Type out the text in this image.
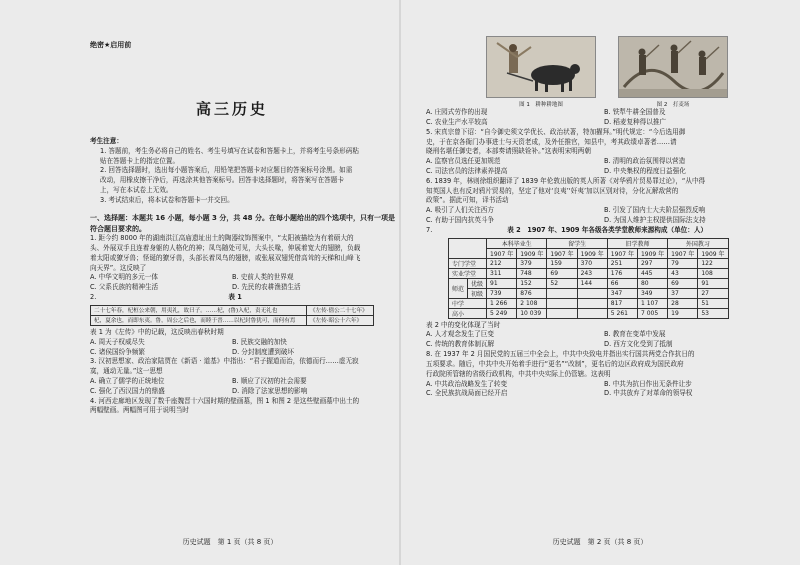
绝密★启用前
高三历史

考生注意：

1. 答题前，考生务必将自己的姓名、考生号填写在试卷和答题卡上，并将考生号条形码粘

贴在答题卡上的指定位置。

2. 回答选择题时，选出每小题答案后，用铅笔把答题卡对应题目的答案标号涂黑。如需

改动，用橡皮擦干净后，再选涂其他答案标号。回答非选择题时，将答案写在答题卡

上，写在本试卷上无效。

3. 考试结束后，将本试卷和答题卡一并交回。

一、选择题：本题共 16 小题，每小题 3 分，共 48 分。在每小题给出的四个选项中，只有一项是

符合题目要求的。

1. 距今约 8000 年的湖南洪江高庙遗址出土的陶器纹饰图案中，“太阳被描绘为有着硕大的

头、外展双手且连着身躯的人格化的神；凤鸟随处可见，大头长喙，伸展着宽大的翅膀，负载

着太阳或獠牙兽；怪诞的獠牙兽，头部长着凤鸟的翅膀，或张展双翅凭借高耸的天梯和山峰飞

向天界”。这反映了

A. 中华文明的多元一体	B. 史前人类的世界观
C. 父系氏族的精神生活	D. 先民的农耕渔猎生活
2.	表 1
二十七年春，杞桓公来朝，用夷礼，故曰子。……杞，(鲁)入杞，责无礼也	《左传·僖公二十七年》
杞，夏余也，而即东夷。鲁，周公之后也，而睦于晋……以杞封鲁犹可，而何有焉	《左传·昭公十六年》

表 1 为《左传》中的记载，这反映出春秋时期

A. 周天子权威尽失	B. 民族交融的加快
C. 诸侯国纷争频繁	D. 分封制度遭到破坏

3. 汉初思想家、政治家陆贾在《新语 · 道基》中指出：“君子握道而治，依德而行……虚无寂

寞，通动无量。”这一思想

A. 确立了儒学的正统地位	B. 顺应了汉初的社会需要
C. 强化了西汉国力的鼎盛	D. 消除了法家思想的影响

4. 河西走廊地区发现了数千座魏晋十六国时期的壁画墓，图 1 和图 2 是这些壁画墓中出土的

两幅壁画。两幅图可用于说明当时

历史试题　第 1 页（共 8 页）
图 1　耕种耕地图	图 2　打麦场
A. 庄园式劳作的出现	B. 铁犁牛耕全国普及
C. 农业生产水平较高	D. 稻麦复种得以推广

5. 宋真宗曾下诏：“自今御史须文学优长、政治状著，特加擢拜。”明代规定：“今后选用御

史，于在京各衙门办事进士与天资老成，及外任推官，知县中，考其政绩卓著者……请

晓刑名堪任御史者，本部奏请照缺铨补。”这表明宋明两朝

A. 监察官员选任更加规范	B. 清明的政治氛围得以营造
C. 司法官员的法律素养提高	D. 中央集权的程度日益强化

6. 1839 年，林则徐组织翻译了 1839 年伦敦出版的英人所著《对华鸦片贸易罪过论》，“从中得

知英国人也有反对鸦片贸易的，坚定了他对‘良夷’‘奸夷’加以区别对待，分化瓦解敌营的

政策”。据此可知，译书活动

A. 吸引了人们关注西方	B. 引发了国内士大夫阶层强烈反响
C. 有助于国内抗英斗争	D. 为国人维护主权提供国际法支持
7.	表 2　1907 年、1909 年各级各类学堂教师来源构成（单位：人）
		本科毕业生		留学生		旧学教师		外国教习	
		1907 年	1909 年	1907 年	1909 年	1907 年	1909 年	1907 年	1909 年
专门学堂		212	379	159	370	251	297	79	122
实业学堂		311	748	69	243	176	445	43	108
师范	优级	91	152	52	144	66	80	69	91
	初级	739	876			347	349	37	27
中学		1 266	2 108			817	1 107	28	51
高小		5 249	10 039			5 261	7 005	19	53

表 2 中的变化体现了当时

A. 人才观念发生了巨变	B. 教育在变革中发展
C. 传统的教育体制瓦解	D. 西方文化受到了抵制

8. 在 1937 年 2 月国民党的五届三中全会上，中共中央致电并指出实行国共两党合作抗日的

五项要求。随后，中共中央开始着手进行“更名”“改制”，更名后的边区政府成为国民政府

行政院所管辖的省级行政机构，中共中央实际上仍管辖。这表明

A. 中共政治战略发生了转变	B. 中共为抗日作出无条件让步
C. 全民族抗战局面已经开启	D. 中共放弃了对革命的领导权
历史试题　第 2 页（共 8 页）
